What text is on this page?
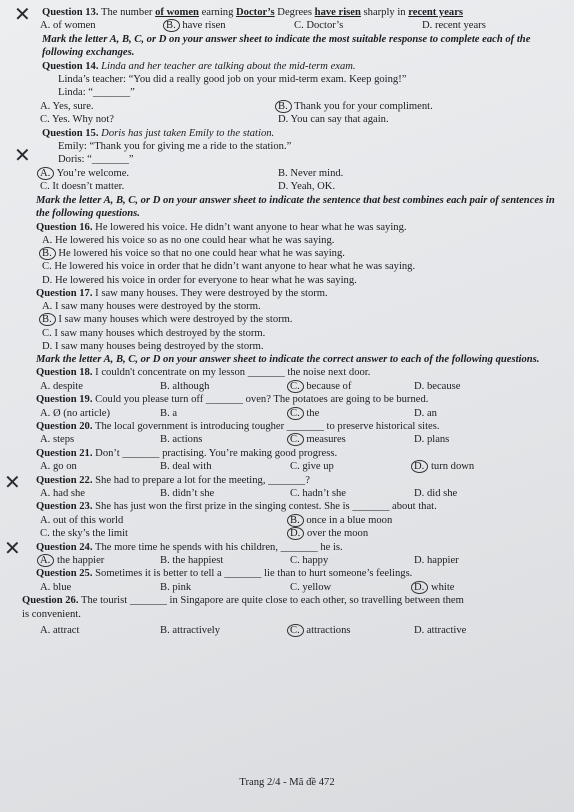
✕	Question 13. The number of women earning Doctor’s Degrees have risen sharply in recent years
A. of women	B. have risen	C. Doctor’s	D. recent years
Mark the letter A, B, C, or D on your answer sheet to indicate the most suitable response to complete each of the following exchanges.
Question 14. Linda and her teacher are talking about the mid-term exam.
Linda’s teacher: “You did a really good job on your mid-term exam. Keep going!”
Linda: “_______”
A. Yes, sure.	B. Thank you for your compliment.
C. Yes. Why not?	D. You can say that again.
✕
Question 15. Doris has just taken Emily to the station.
Emily: “Thank you for giving me a ride to the station.”
Doris: “_______”
A. You’re welcome.	B. Never mind.
C. It doesn’t matter.	D. Yeah, OK.
Mark the letter A, B, C, or D on your answer sheet to indicate the sentence that best combines each pair of sentences in the following questions.
Question 16. He lowered his voice. He didn’t want anyone to hear what he was saying.
A. He lowered his voice so as no one could hear what he was saying.
B. He lowered his voice so that no one could hear what he was saying.
C. He lowered his voice in order that he didn’t want anyone to hear what he was saying.
D. He lowered his voice in order for everyone to hear what he was saying.
Question 17. I saw many houses. They were destroyed by the storm.
A. I saw many houses were destroyed by the storm.
B. I saw many houses which were destroyed by the storm.
C. I saw many houses which destroyed by the storm.
D. I saw many houses being destroyed by the storm.
Mark the letter A, B, C, or D on your answer sheet to indicate the correct answer to each of the following questions.
Question 18. I couldn't concentrate on my lesson _______ the noise next door.
A. despite	B. although	C. because of	D. because
✕
Question 19. Could you please turn off _______ oven? The potatoes are going to be burned.
A. Ø (no article)	B. a	C. the	D. an
Question 20. The local government is introducing tougher _______ to preserve historical sites.
A. steps	B. actions	C. measures	D. plans
✕
Question 21. Don’t _______ practising. You’re making good progress.
A. go on	B. deal with	C. give up	D. turn down
Question 22. She had to prepare a lot for the meeting, _______?
A. had she	B. didn’t she	C. hadn’t she	D. did she
Question 23. She has just won the first prize in the singing contest. She is _______ about that.
A. out of this world	B. once in a blue moon
C. the sky’s the limit	D. over the moon
Question 24. The more time he spends with his children, _______ he is.
A. the happier	B. the happiest	C. happy	D. happier
Question 25. Sometimes it is better to tell a _______ lie than to hurt someone’s feelings.
A. blue	B. pink	C. yellow	D. white
Question 26. The tourist _______ in Singapore are quite close to each other, so travelling between them
is convenient.
A. attract	B. attractively	C. attractions	D. attractive
Trang 2/4 - Mã đề 472
